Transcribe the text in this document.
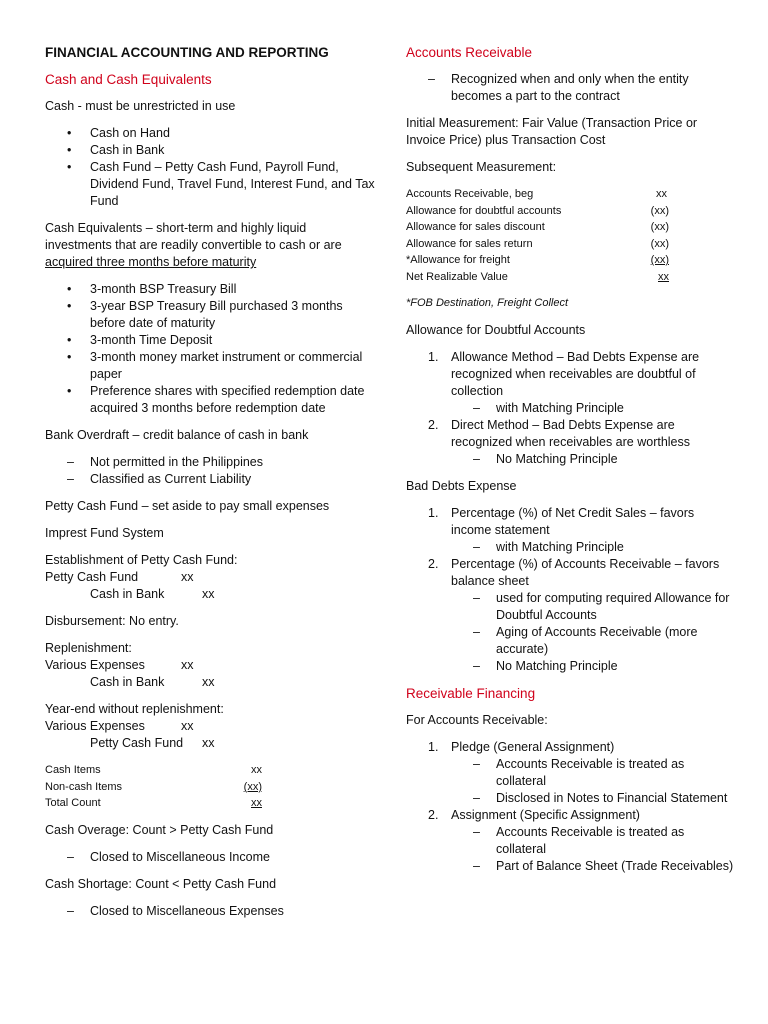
FINANCIAL ACCOUNTING AND REPORTING
Cash and Cash Equivalents
Cash - must be unrestricted in use
• Cash on Hand
• Cash in Bank
• Cash Fund – Petty Cash Fund, Payroll Fund, Dividend Fund, Travel Fund, Interest Fund, and Tax Fund
Cash Equivalents – short-term and highly liquid investments that are readily convertible to cash or are acquired three months before maturity
• 3-month BSP Treasury Bill
• 3-year BSP Treasury Bill purchased 3 months before date of maturity
• 3-month Time Deposit
• 3-month money market instrument or commercial paper
• Preference shares with specified redemption date acquired 3 months before redemption date
Bank Overdraft – credit balance of cash in bank
– Not permitted in the Philippines
– Classified as Current Liability
Petty Cash Fund – set aside to pay small expenses
Imprest Fund System
Establishment of Petty Cash Fund:
Petty Cash Fund	xx
Cash in Bank	xx
Disbursement: No entry.
Replenishment:
Various Expenses	xx
Cash in Bank	xx
Year-end without replenishment:
Various Expenses	xx
Petty Cash Fund xx
Cash Items	xx
Non-cash Items	(xx)
Total Count	xx
Cash Overage: Count > Petty Cash Fund
– Closed to Miscellaneous Income
Cash Shortage: Count < Petty Cash Fund
– Closed to Miscellaneous Expenses
Accounts Receivable
– Recognized when and only when the entity becomes a part to the contract
Initial Measurement: Fair Value (Transaction Price or Invoice Price) plus Transaction Cost
Subsequent Measurement:
Accounts Receivable, beg	xx
Allowance for doubtful accounts	(xx)
Allowance for sales discount	(xx)
Allowance for sales return	(xx)
*Allowance for freight	(xx)
Net Realizable Value	xx
*FOB Destination, Freight Collect
Allowance for Doubtful Accounts
1. Allowance Method – Bad Debts Expense are recognized when receivables are doubtful of collection
– with Matching Principle
2. Direct Method – Bad Debts Expense are recognized when receivables are worthless
– No Matching Principle
Bad Debts Expense
1. Percentage (%) of Net Credit Sales – favors income statement
– with Matching Principle
2. Percentage (%) of Accounts Receivable – favors balance sheet
– used for computing required Allowance for Doubtful Accounts
– Aging of Accounts Receivable (more accurate)
– No Matching Principle
Receivable Financing
For Accounts Receivable:
1. Pledge (General Assignment)
– Accounts Receivable is treated as collateral
– Disclosed in Notes to Financial Statement
2. Assignment (Specific Assignment)
– Accounts Receivable is treated as collateral
– Part of Balance Sheet (Trade Receivables)
